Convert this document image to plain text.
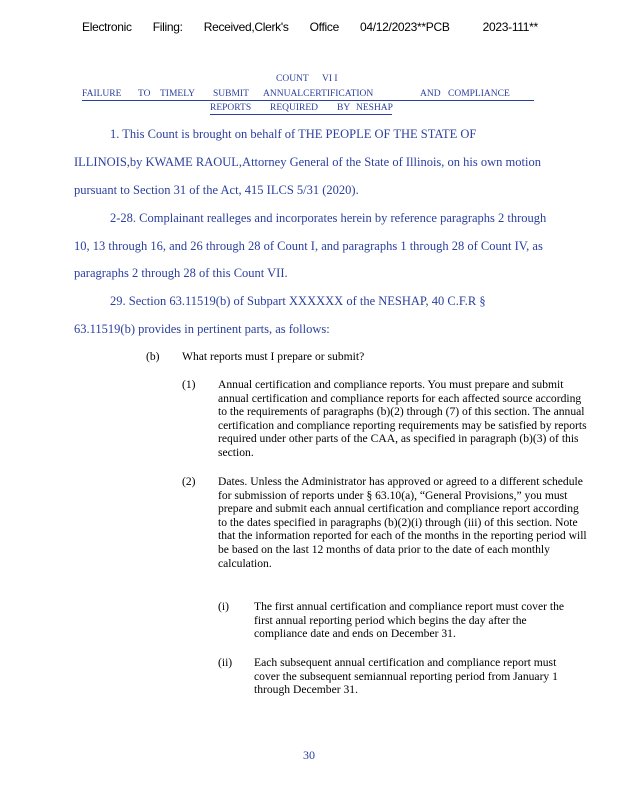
Electronic Filing: Received,Clerk's Office 04/12/2023**PCB	2023-111**
COUNT VI I
FAILURE TO TIMELY SUBMIT ANNUALCERTIFICATION	AND COMPLIANCE
REPORTS REQUIRED BY NESHAP
1. This Count is brought on behalf of THE PEOPLE OF THE STATE OF
ILLINOIS,by KWAME RAOUL,Attorney General of the State of Illinois, on his own motion
pursuant to Section 31 of the Act, 415 ILCS 5/31 (2020).
2-28. Complainant realleges and incorporates herein by reference paragraphs 2 through
10, 13 through 16, and 26 through 28 of Count I, and paragraphs 1 through 28 of Count IV, as
paragraphs 2 through 28 of this Count VII.
29. Section 63.11519(b) of Subpart XXXXXX of the NESHAP, 40 C.F.R §
63.11519(b) provides in pertinent parts, as follows:
(b) What reports must I prepare or submit?
(1) Annual certification and compliance reports. You must prepare and submit annual certification and compliance reports for each affected source according to the requirements of paragraphs (b)(2) through (7) of this section. The annual certification and compliance reporting requirements may be satisfied by reports required under other parts of the CAA, as specified in paragraph (b)(3) of this section.
(2) Dates. Unless the Administrator has approved or agreed to a different schedule for submission of reports under § 63.10(a), “General Provisions,” you must prepare and submit each annual certification and compliance report according to the dates specified in paragraphs (b)(2)(i) through (iii) of this section. Note that the information reported for each of the months in the reporting period will be based on the last 12 months of data prior to the date of each monthly calculation.
(i) The first annual certification and compliance report must cover the first annual reporting period which begins the day after the compliance date and ends on December 31.
(ii) Each subsequent annual certification and compliance report must cover the subsequent semiannual reporting period from January 1 through December 31.
30
